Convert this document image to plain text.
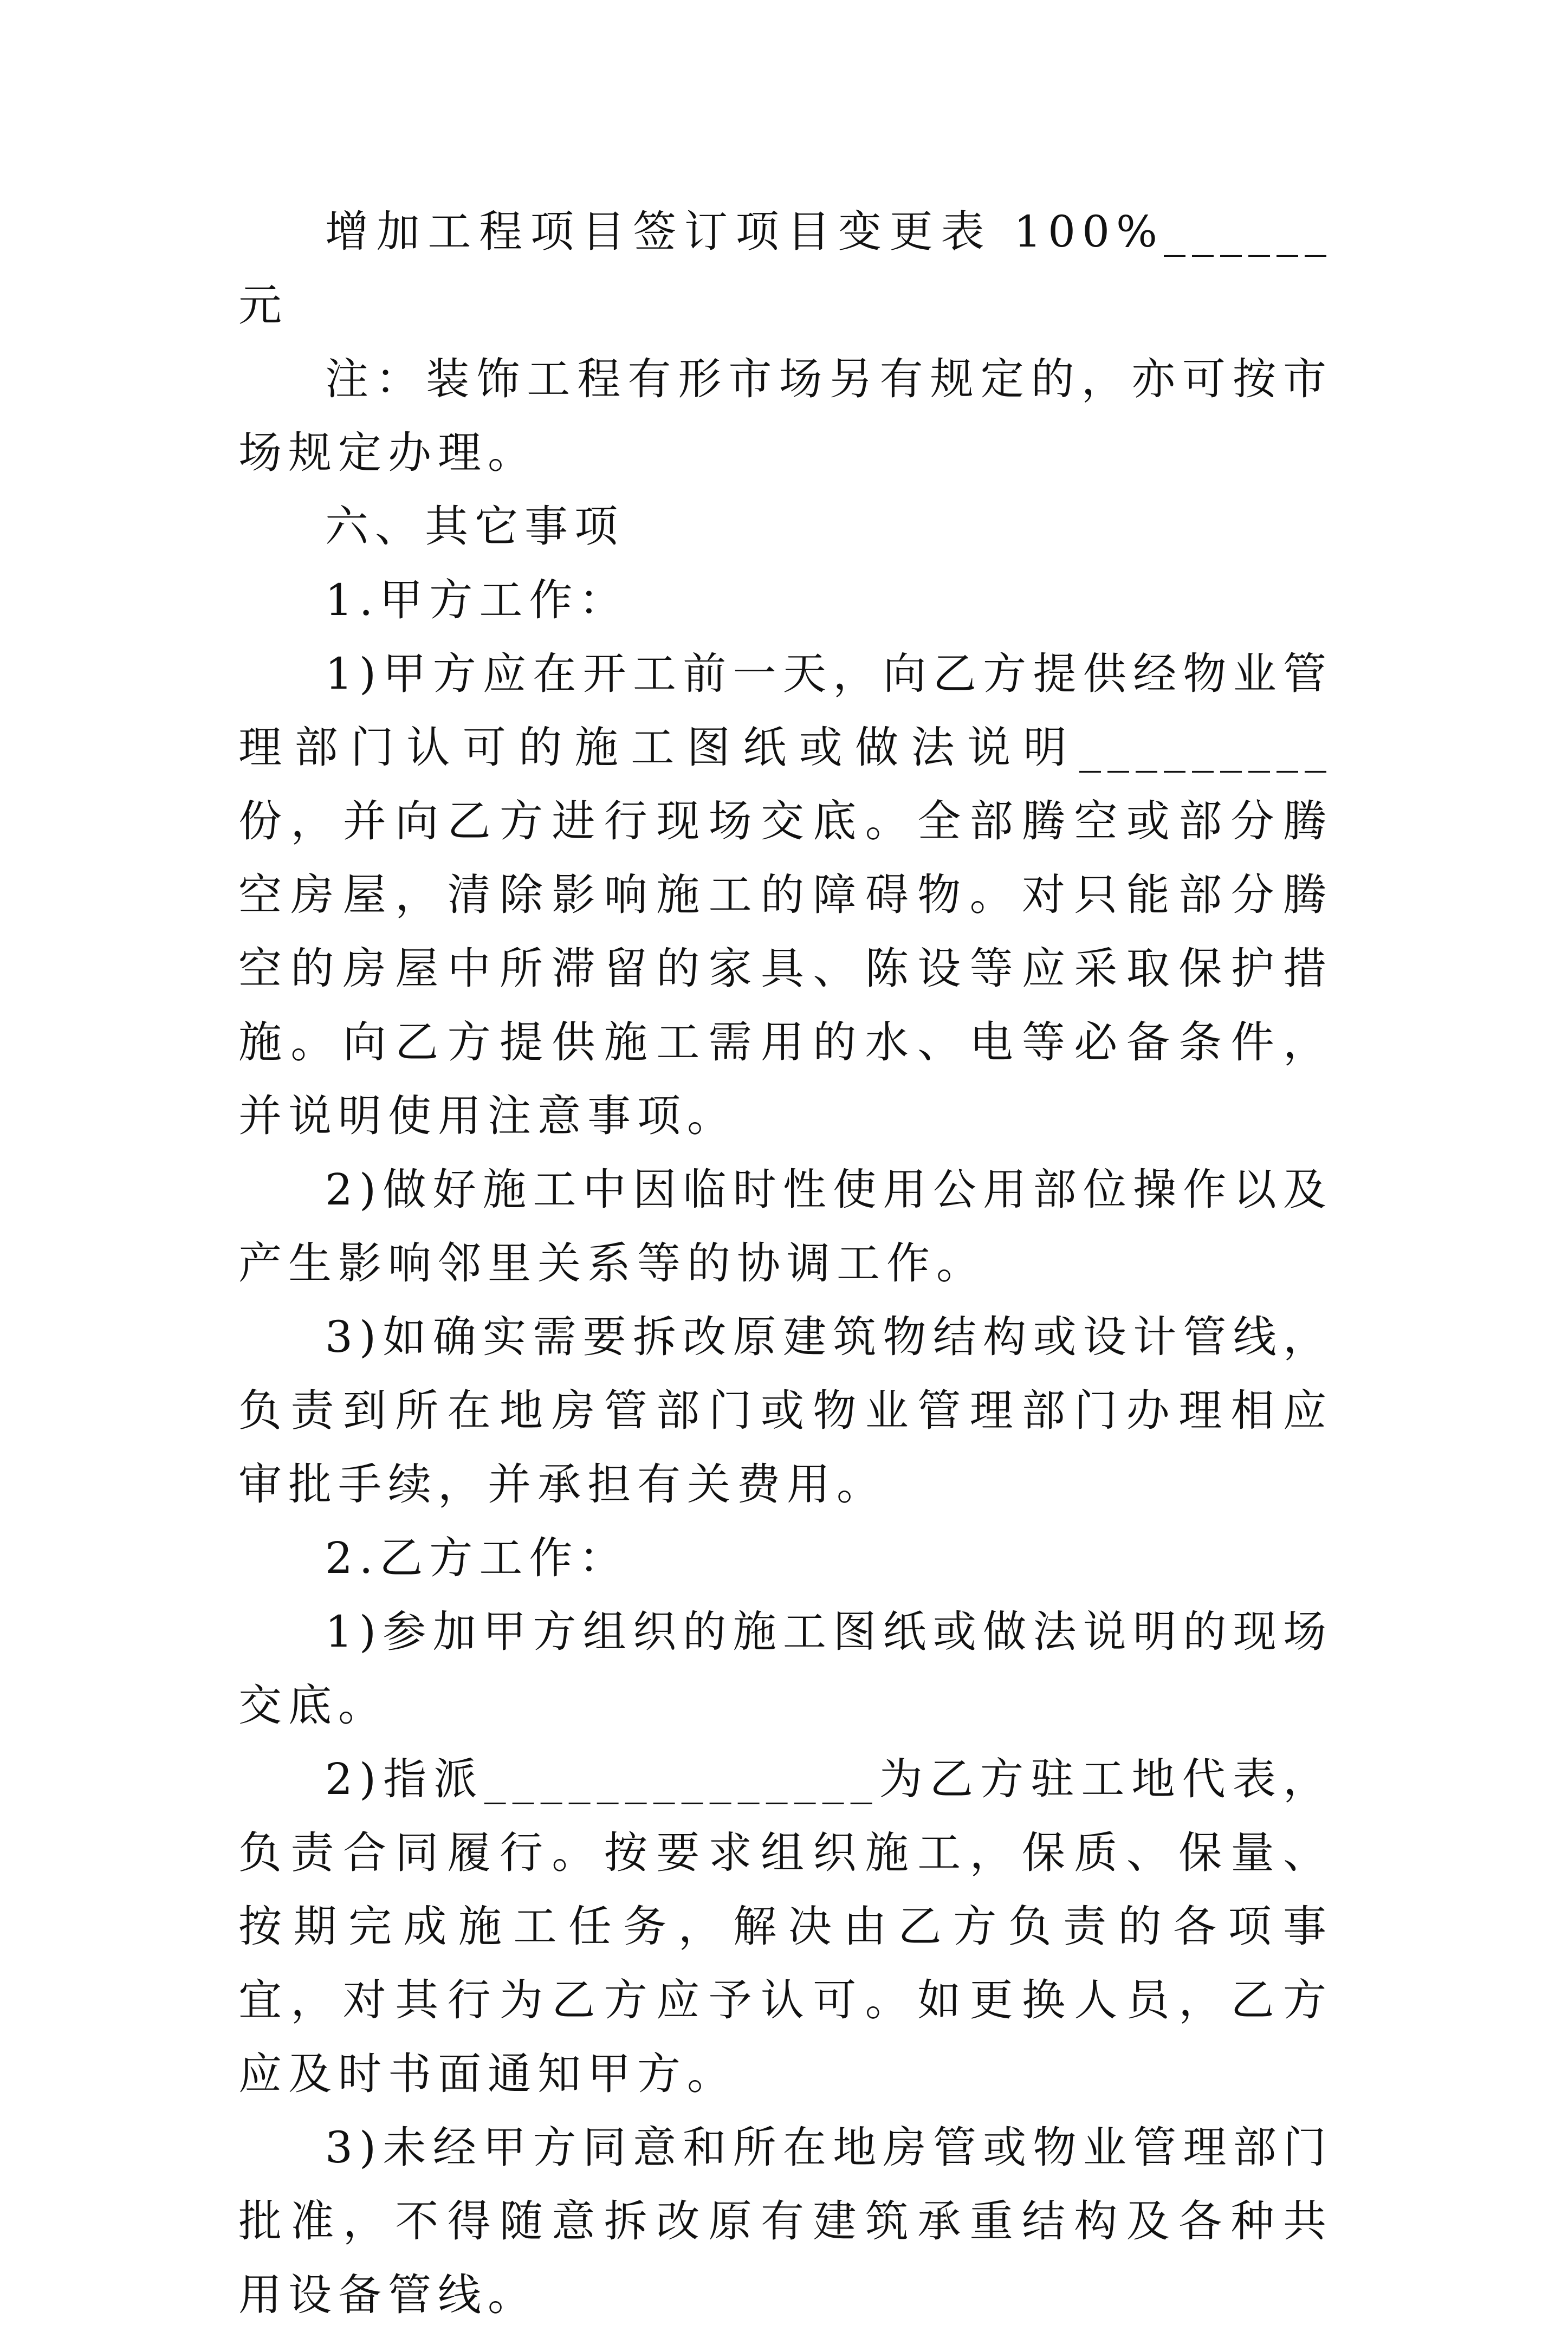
增加工程项目签订项目变更表 100%______元

注：装饰工程有形市场另有规定的，亦可按市场规定办理。

六、其它事项

1.甲方工作：

1)甲方应在开工前一天，向乙方提供经物业管理部门认可的施工图纸或做法说明_________份，并向乙方进行现场交底。全部腾空或部分腾空房屋，清除影响施工的障碍物。对只能部分腾空的房屋中所滞留的家具、陈设等应采取保护措施。向乙方提供施工需用的水、电等必备条件，并说明使用注意事项。

2)做好施工中因临时性使用公用部位操作以及产生影响邻里关系等的协调工作。

3)如确实需要拆改原建筑物结构或设计管线，负责到所在地房管部门或物业管理部门办理相应审批手续，并承担有关费用。

2.乙方工作：

1)参加甲方组织的施工图纸或做法说明的现场交底。

2)指派______________为乙方驻工地代表，负责合同履行。按要求组织施工，保质、保量、按期完成施工任务，解决由乙方负责的各项事宜，对其行为乙方应予认可。如更换人员，乙方应及时书面通知甲方。

3)未经甲方同意和所在地房管或物业管理部门批准，不得随意拆改原有建筑承重结构及各种共用设备管线。
